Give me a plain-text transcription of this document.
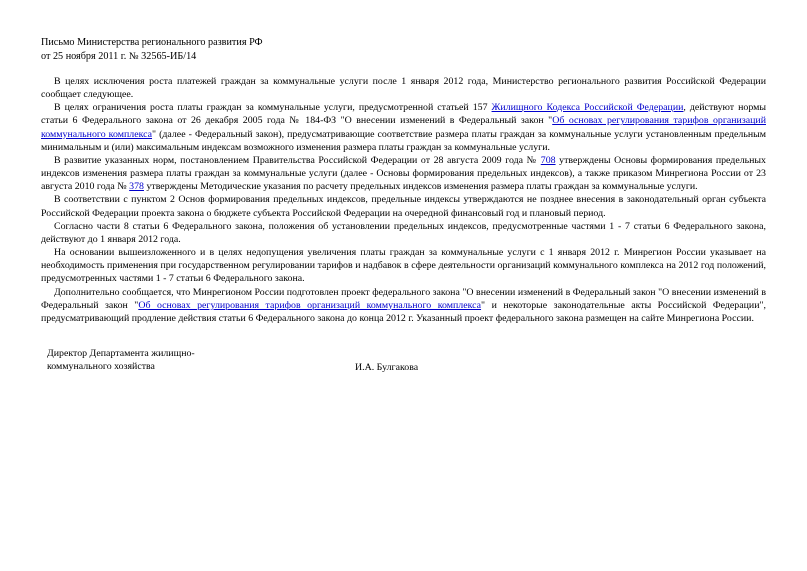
Письмо Министерства регионального развития РФ
от 25 ноября 2011 г. № 32565-ИБ/14

В целях исключения роста платежей граждан за коммунальные услуги после 1 января 2012 года, Министерство регионального развития Российской Федерации сообщает следующее.

В целях ограничения роста платы граждан за коммунальные услуги, предусмотренной статьей 157 Жилищного Кодекса Российской Федерации, действуют нормы статьи 6 Федерального закона от 26 декабря 2005 года № 184-ФЗ "О внесении изменений в Федеральный закон "Об основах регулирования тарифов организаций коммунального комплекса" (далее - Федеральный закон), предусматривающие соответствие размера платы граждан за коммунальные услуги установленным предельным минимальным и (или) максимальным индексам возможного изменения размера платы граждан за коммунальные услуги.

В развитие указанных норм, постановлением Правительства Российской Федерации от 28 августа 2009 года № 708 утверждены Основы формирования предельных индексов изменения размера платы граждан за коммунальные услуги (далее - Основы формирования предельных индексов), а также приказом Минрегиона России от 23 августа 2010 года № 378 утверждены Методические указания по расчету предельных индексов изменения размера платы граждан за коммунальные услуги.

В соответствии с пунктом 2 Основ формирования предельных индексов, предельные индексы утверждаются не позднее внесения в законодательный орган субъекта Российской Федерации проекта закона о бюджете субъекта Российской Федерации на очередной финансовый год и плановый период.

Согласно части 8 статьи 6 Федерального закона, положения об установлении предельных индексов, предусмотренные частями 1 - 7 статьи 6 Федерального закона, действуют до 1 января 2012 года.

На основании вышеизложенного и в целях недопущения увеличения платы граждан за коммунальные услуги с 1 января 2012 г. Минрегион России указывает на необходимость применения при государственном регулировании тарифов и надбавок в сфере деятельности организаций коммунального комплекса на 2012 год положений, предусмотренных частями 1 - 7 статьи 6 Федерального закона.

Дополнительно сообщается, что Минрегионом России подготовлен проект федерального закона "О внесении изменений в Федеральный закон "О внесении изменений в Федеральный закон "Об основах регулирования тарифов организаций коммунального комплекса" и некоторые законодательные акты Российской Федерации", предусматривающий продление действия статьи 6 Федерального закона до конца 2012 г. Указанный проект федерального закона размещен на сайте Минрегиона России.

Директор Департамента жилищно-коммунального хозяйства	И.А. Булгакова
